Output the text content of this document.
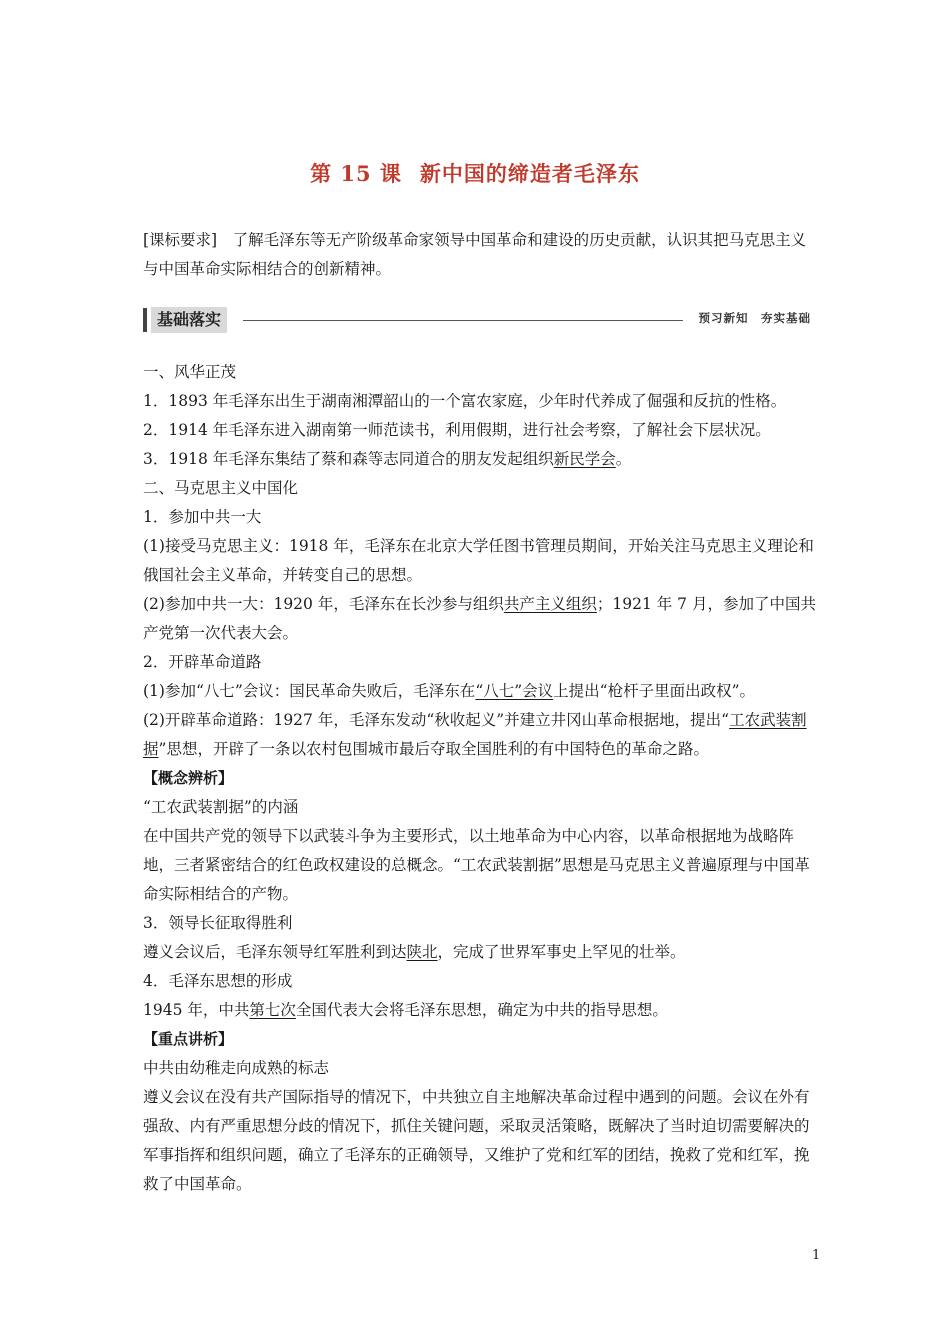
第 15 课 新中国的缔造者毛泽东
[课标要求]　 了解毛泽东等无产阶级革命家领导中国革命和建设的历史贡献，认识其把马克思主义与中国革命实际相结合的创新精神。
基础落实	预习新知　夯实基础

一、风华正茂

1．1893 年毛泽东出生于湖南湘潭韶山的一个富农家庭，少年时代养成了倔强和反抗的性格。

2．1914 年毛泽东进入湖南第一师范读书，利用假期，进行社会考察，了解社会下层状况。

3．1918 年毛泽东集结了蔡和森等志同道合的朋友发起组织新民学会。

二、马克思主义中国化

1．参加中共一大

(1)接受马克思主义：1918 年，毛泽东在北京大学任图书管理员期间，开始关注马克思主义理论和俄国社会主义革命，并转变自己的思想。

(2)参加中共一大：1920 年，毛泽东在长沙参与组织共产主义组织；1921 年 7 月，参加了中国共产党第一次代表大会。

2．开辟革命道路

(1)参加“八七”会议：国民革命失败后，毛泽东在“八七”会议上提出“枪杆子里面出政权”。

(2)开辟革命道路：1927 年，毛泽东发动“秋收起义”并建立井冈山革命根据地，提出“工农武装割据”思想，开辟了一条以农村包围城市最后夺取全国胜利的有中国特色的革命之路。

【概念辨析】

“工农武装割据”的内涵

在中国共产党的领导下以武装斗争为主要形式，以土地革命为中心内容，以革命根据地为战略阵地，三者紧密结合的红色政权建设的总概念。“工农武装割据”思想是马克思主义普遍原理与中国革命实际相结合的产物。

3．领导长征取得胜利

遵义会议后，毛泽东领导红军胜利到达陕北，完成了世界军事史上罕见的壮举。

4．毛泽东思想的形成

1945 年，中共第七次全国代表大会将毛泽东思想，确定为中共的指导思想。

【重点讲析】

中共由幼稚走向成熟的标志

遵义会议在没有共产国际指导的情况下，中共独立自主地解决革命过程中遇到的问题。会议在外有强敌、内有严重思想分歧的情况下，抓住关键问题，采取灵活策略，既解决了当时迫切需要解决的军事指挥和组织问题，确立了毛泽东的正确领导，又维护了党和红军的团结，挽救了党和红军，挽救了中国革命。

1
